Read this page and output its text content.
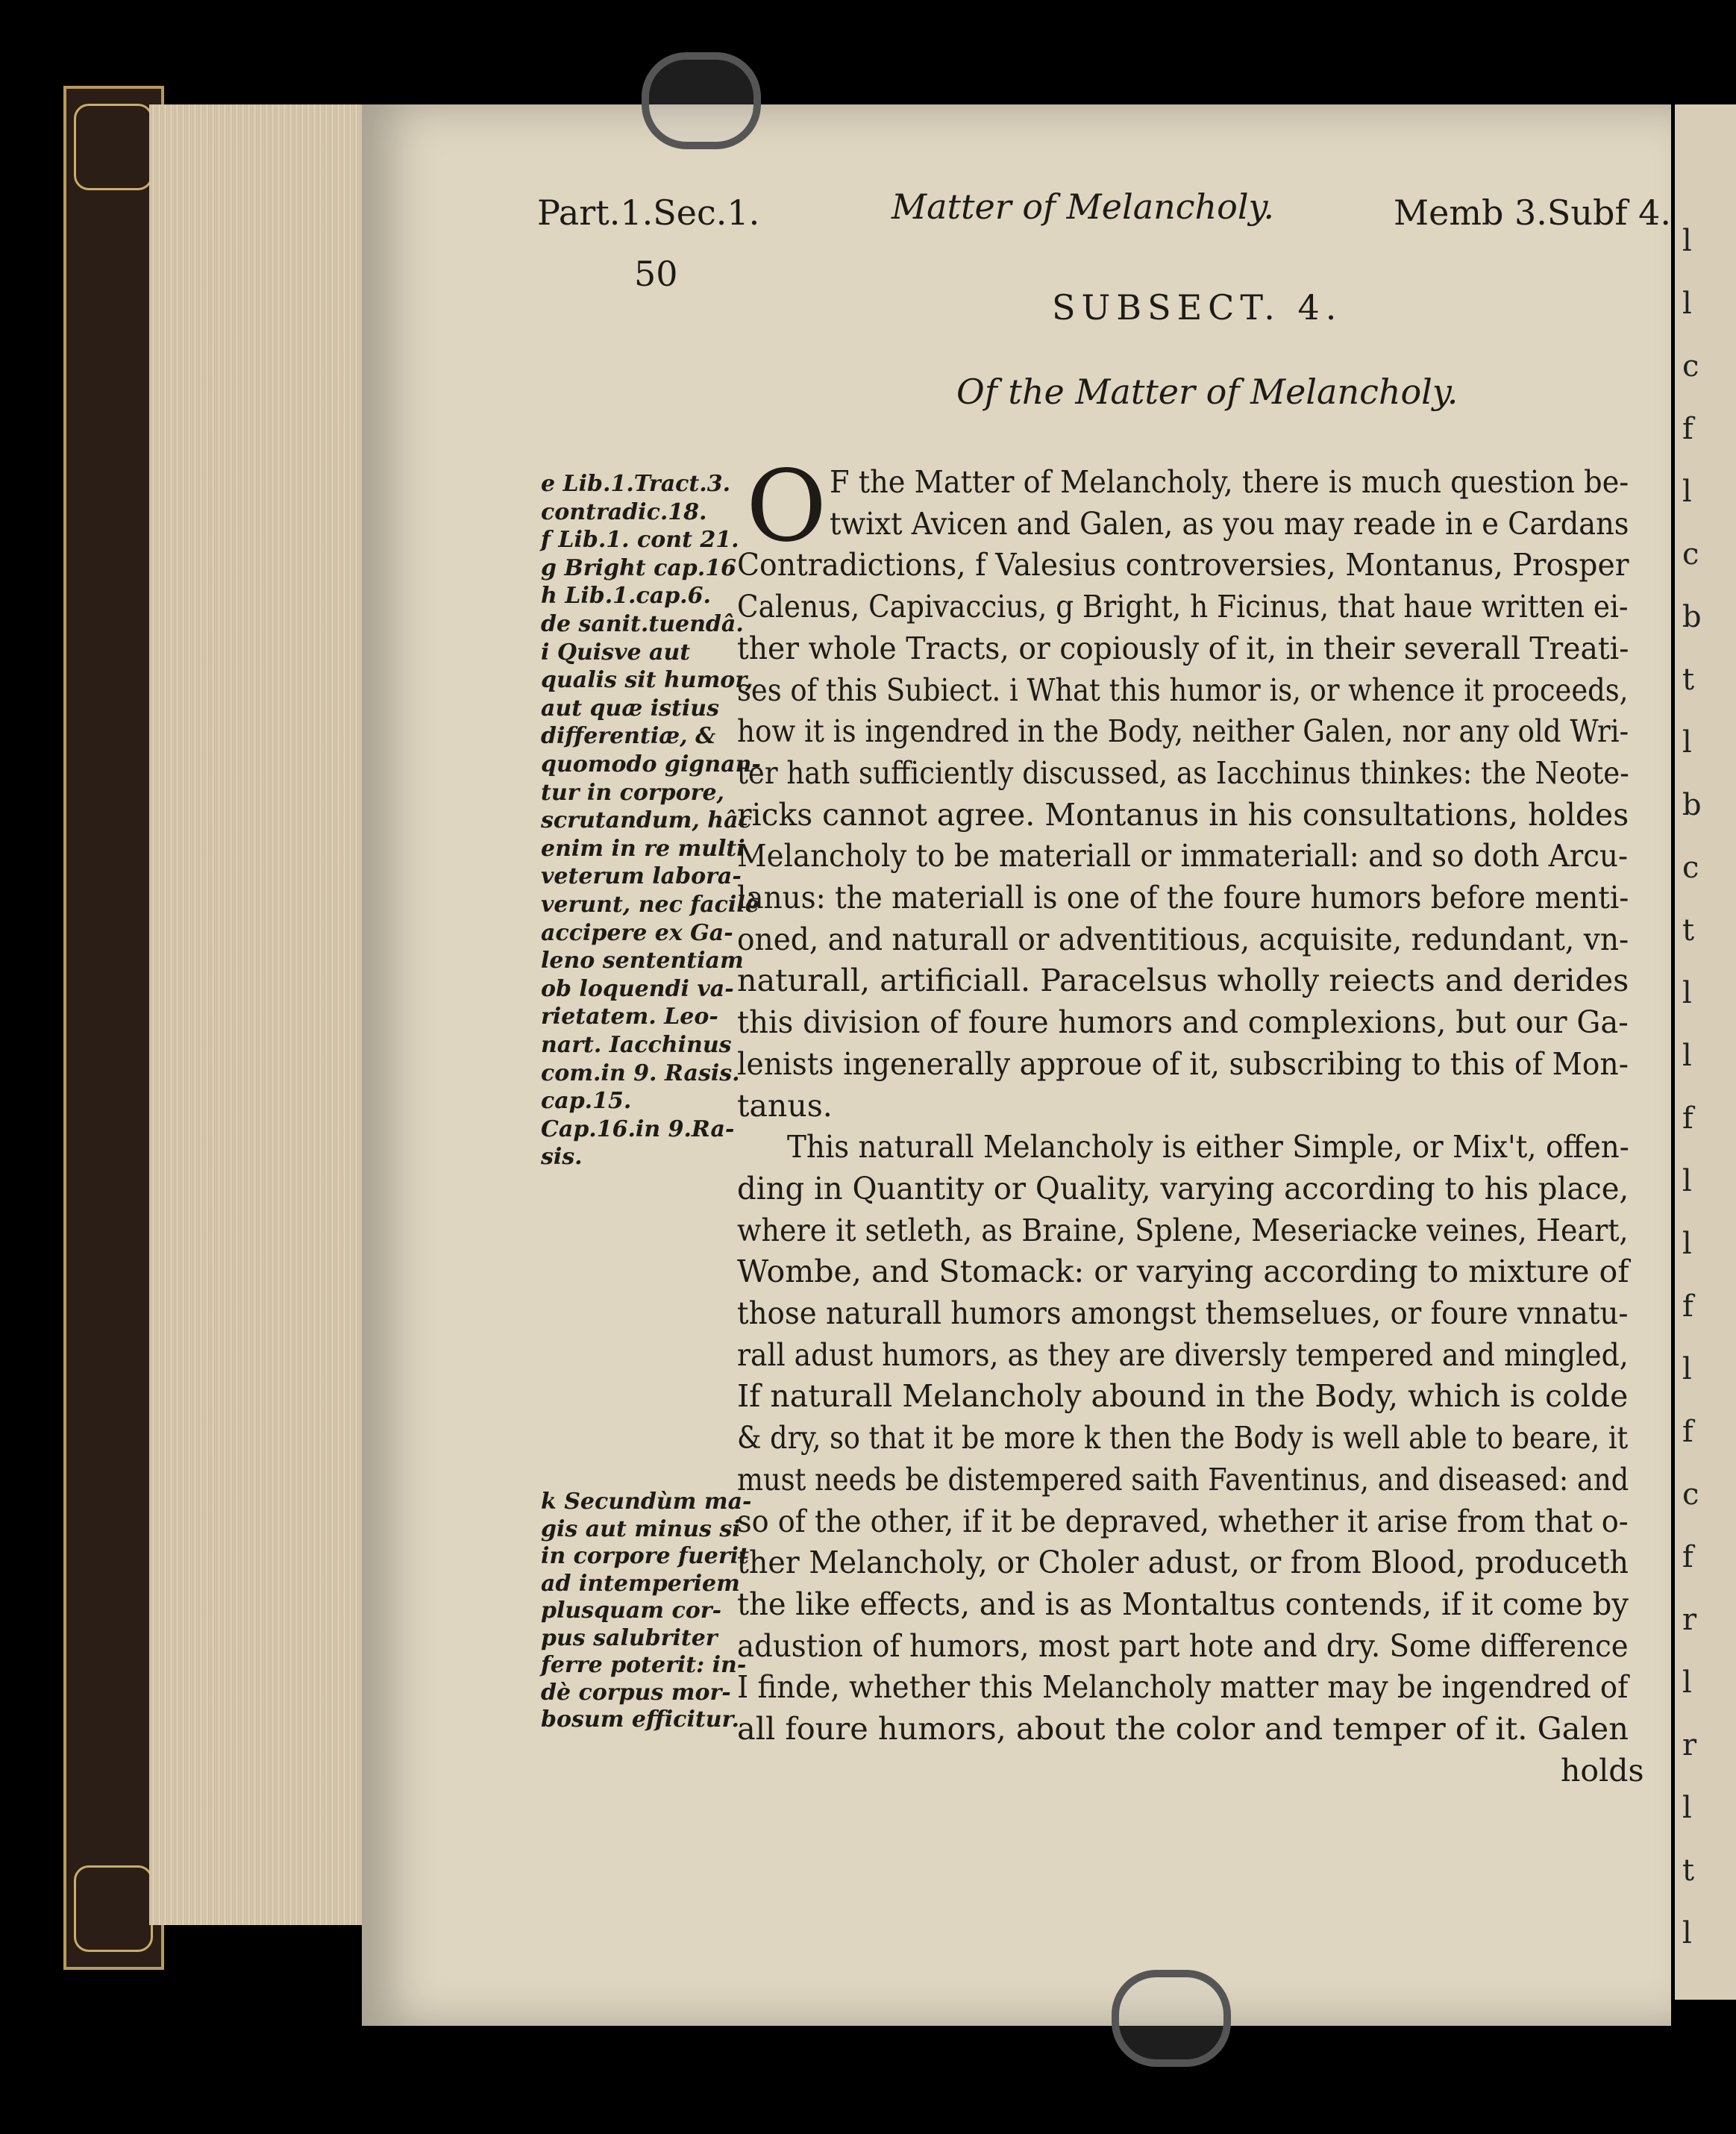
l
l
c
f
l
c
b
t
l
b
c
t
l
l
f
l
l
f
l
f
c
f
r
l
r
l
t
l
Part.1.Sec.1.	Matter of Melancholy.	Memb 3.Subf 4.
50
SUBSECT. 4.
Of the Matter of Melancholy.
O
e Lib.1.Tract.3.
contradic.18.
f Lib.1. cont 21.
g Bright cap.16
h Lib.1.cap.6.
de sanit.tuendâ.
i Quisve aut
qualis sit humor,
aut quæ istius
differentiæ, &
quomodo gignan-
tur in corpore,
scrutandum, hâc
enim in re multi
veterum labora-
verunt, nec facilè
accipere ex Ga-
leno sententiam
ob loquendi va-
rietatem. Leo-
nart. Iacchinus
com.in 9. Rasis.
cap.15.
Cap.16.in 9.Ra-
sis.
k Secundùm ma-
gis aut minus si
in corpore fuerit
ad intemperiem
plusquam cor-
pus salubriter
ferre poterit: in-
dè corpus mor-
bosum efficitur.
F the Matter of Melancholy, there is much question be-
twixt Avicen and Galen, as you may reade in e Cardans
Contradictions, f Valesius controversies, Montanus, Prosper
Calenus, Capivaccius, g Bright, h Ficinus, that haue written ei-
ther whole Tracts, or copiously of it, in their severall Treati-
ses of this Subiect. i What this humor is, or whence it proceeds,
how it is ingendred in the Body, neither Galen, nor any old Wri-
ter hath sufficiently discussed, as Iacchinus thinkes: the Neote-
ricks cannot agree. Montanus in his consultations, holdes
Melancholy to be materiall or immateriall: and so doth Arcu-
lanus: the materiall is one of the foure humors before menti-
oned, and naturall or adventitious, acquisite, redundant, vn-
naturall, artificiall. Paracelsus wholly reiects and derides
this division of foure humors and complexions, but our Ga-
lenists ingenerally approue of it, subscribing to this of Mon-
tanus.
This naturall Melancholy is either Simple, or Mix't, offen-
ding in Quantity or Quality, varying according to his place,
where it setleth, as Braine, Splene, Meseriacke veines, Heart,
Wombe, and Stomack: or varying according to mixture of
those naturall humors amongst themselues, or foure vnnatu-
rall adust humors, as they are diversly tempered and mingled,
If naturall Melancholy abound in the Body, which is colde
& dry, so that it be more k then the Body is well able to beare, it
must needs be distempered saith Faventinus, and diseased: and
so of the other, if it be depraved, whether it arise from that o-
ther Melancholy, or Choler adust, or from Blood, produceth
the like effects, and is as Montaltus contends, if it come by
adustion of humors, most part hote and dry. Some difference
I finde, whether this Melancholy matter may be ingendred of
all foure humors, about the color and temper of it. Galen
holds
